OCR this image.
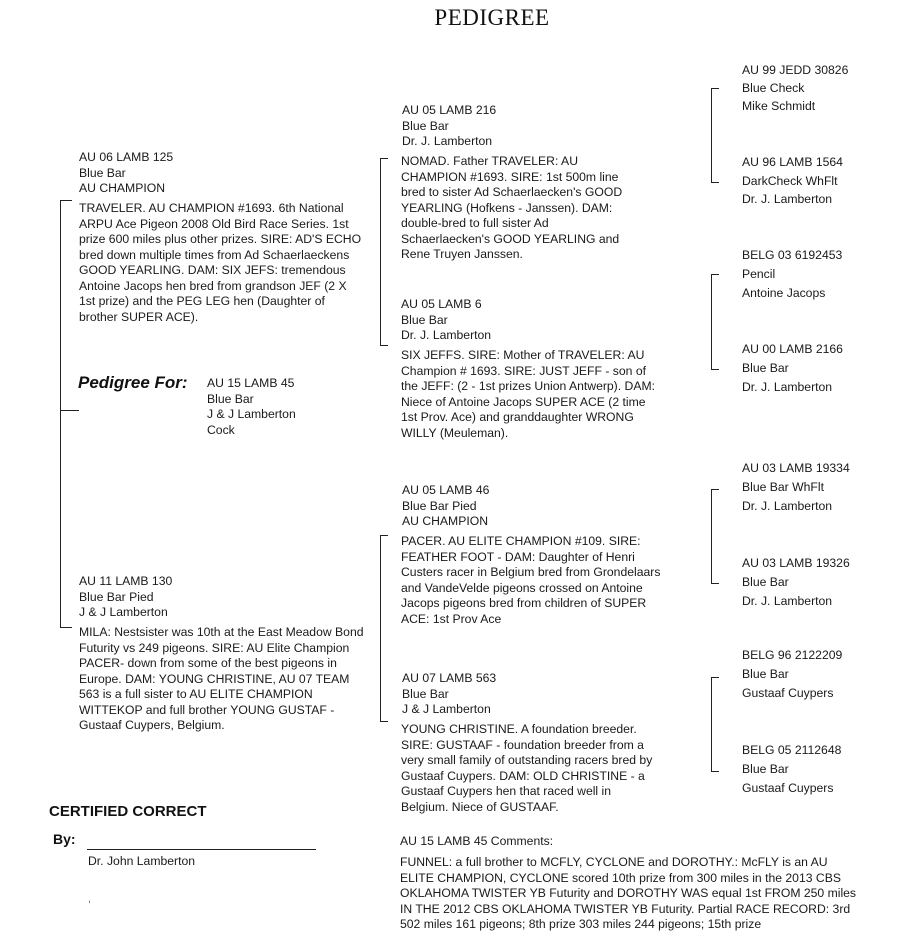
PEDIGREE
AU 06 LAMB 125
Blue Bar
AU CHAMPION
TRAVELER. AU CHAMPION #1693. 6th National ARPU Ace Pigeon 2008 Old Bird Race Series. 1st prize 600 miles plus other prizes. SIRE: AD'S ECHO bred down multiple times from Ad Schaerlaeckens GOOD YEARLING. DAM: SIX JEFS: tremendous Antoine Jacops hen bred from grandson JEF (2 X 1st prize) and the PEG LEG hen (Daughter of brother SUPER ACE).
Pedigree For: AU 15 LAMB 45
Blue Bar
J & J Lamberton
Cock
AU 11 LAMB 130
Blue Bar Pied
J & J Lamberton
MILA: Nestsister was 10th at the East Meadow Bond Futurity vs 249 pigeons. SIRE: AU Elite Champion PACER- down from some of the best pigeons in Europe. DAM: YOUNG CHRISTINE, AU 07 TEAM 563 is a full sister to AU ELITE CHAMPION WITTEKOP and full brother YOUNG GUSTAF - Gustaaf Cuypers, Belgium.
AU 05 LAMB 216
Blue Bar
Dr. J. Lamberton
NOMAD. Father TRAVELER: AU CHAMPION #1693. SIRE: 1st 500m line bred to sister Ad Schaerlaecken's GOOD YEARLING (Hofkens - Janssen). DAM: double-bred to full sister Ad Schaerlaecken's GOOD YEARLING and Rene Truyen Janssen.
AU 05 LAMB 6
Blue Bar
Dr. J. Lamberton
SIX JEFFS. SIRE: Mother of TRAVELER: AU Champion # 1693. SIRE: JUST JEFF - son of the JEFF: (2 - 1st prizes Union Antwerp). DAM: Niece of Antoine Jacops SUPER ACE (2 time 1st Prov. Ace) and granddaughter WRONG WILLY (Meuleman).
AU 05 LAMB 46
Blue Bar Pied
AU CHAMPION
PACER. AU ELITE CHAMPION #109. SIRE: FEATHER FOOT - DAM: Daughter of Henri Custers racer in Belgium bred from Grondelaars and VandeVelde pigeons crossed on Antoine Jacops pigeons bred from children of SUPER ACE: 1st Prov Ace
AU 07 LAMB 563
Blue Bar
J & J Lamberton
YOUNG CHRISTINE. A foundation breeder. SIRE: GUSTAAF - foundation breeder from a very small family of outstanding racers bred by Gustaaf Cuypers. DAM: OLD CHRISTINE - a Gustaaf Cuypers hen that raced well in Belgium. Niece of GUSTAAF.
AU 99 JEDD 30826
Blue Check
Mike Schmidt
AU 96 LAMB 1564
DarkCheck WhFlt
Dr. J. Lamberton
BELG 03 6192453
Pencil
Antoine Jacops
AU 00 LAMB 2166
Blue Bar
Dr. J. Lamberton
AU 03 LAMB 19334
Blue Bar WhFlt
Dr. J. Lamberton
AU 03 LAMB 19326
Blue Bar
Dr. J. Lamberton
BELG 96 2122209
Blue Bar
Gustaaf Cuypers
BELG 05 2112648
Blue Bar
Gustaaf Cuypers
CERTIFIED CORRECT
By:
Dr. John Lamberton
,
AU 15 LAMB 45 Comments:
FUNNEL: a full brother to MCFLY, CYCLONE and DOROTHY.: McFLY is an AU ELITE CHAMPION, CYCLONE scored 10th prize from 300 miles in the 2013 CBS OKLAHOMA TWISTER YB Futurity and DOROTHY WAS equal 1st FROM 250 miles IN THE 2012 CBS OKLAHOMA TWISTER YB Futurity. Partial RACE RECORD: 3rd 502 miles 161 pigeons; 8th prize 303 miles 244 pigeons; 15th prize
